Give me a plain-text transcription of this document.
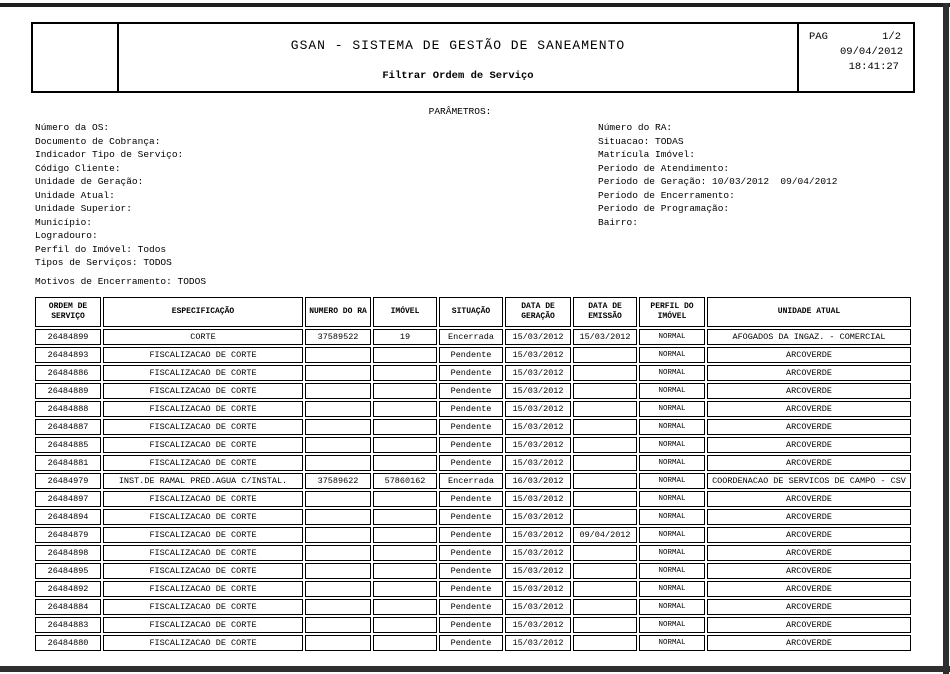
GSAN - SISTEMA DE GESTÃO DE SANEAMENTO
Filtrar Ordem de Serviço
PAG	1/2
09/04/2012
18:41:27
PARÂMETROS:
Número da OS:
Documento de Cobrança:
Indicador Tipo de Serviço:
Código Cliente:
Unidade de Geração:
Unidade Atual:
Unidade Superior:
Município:
Logradouro:
Perfil do Imóvel: Todos
Tipos de Serviços: TODOS
Número do RA:
Situacao: TODAS
Matrícula Imóvel:
Período de Atendimento:
Período de Geração: 10/03/2012  09/04/2012
Período de Encerramento:
Período de Programação:
Bairro:
Motivos de Encerramento: TODOS
ORDEM DE SERVIÇO	ESPECIFICAÇÃO	NUMERO DO RA	IMÓVEL	SITUAÇÃO	DATA DE GERAÇÃO	DATA DE EMISSÃO	PERFIL DO IMÓVEL	UNIDADE ATUAL
26484899	CORTE	37589522	19	Encerrada	15/03/2012	15/03/2012	NORMAL	AFOGADOS DA INGAZ. - COMERCIAL
26484893	FISCALIZACAO DE CORTE			Pendente	15/03/2012		NORMAL	ARCOVERDE
26484886	FISCALIZACAO DE CORTE			Pendente	15/03/2012		NORMAL	ARCOVERDE
26484889	FISCALIZACAO DE CORTE			Pendente	15/03/2012		NORMAL	ARCOVERDE
26484888	FISCALIZACAO DE CORTE			Pendente	15/03/2012		NORMAL	ARCOVERDE
26484887	FISCALIZACAO DE CORTE			Pendente	15/03/2012		NORMAL	ARCOVERDE
26484885	FISCALIZACAO DE CORTE			Pendente	15/03/2012		NORMAL	ARCOVERDE
26484881	FISCALIZACAO DE CORTE			Pendente	15/03/2012		NORMAL	ARCOVERDE
26484979	INST.DE RAMAL PRED.AGUA C/INSTAL.	37589622	57860162	Encerrada	16/03/2012		NORMAL	COORDENACAO DE SERVICOS DE CAMPO - CSV
26484897	FISCALIZACAO DE CORTE			Pendente	15/03/2012		NORMAL	ARCOVERDE
26484894	FISCALIZACAO DE CORTE			Pendente	15/03/2012		NORMAL	ARCOVERDE
26484879	FISCALIZACAO DE CORTE			Pendente	15/03/2012	09/04/2012	NORMAL	ARCOVERDE
26484898	FISCALIZACAO DE CORTE			Pendente	15/03/2012		NORMAL	ARCOVERDE
26484895	FISCALIZACAO DE CORTE			Pendente	15/03/2012		NORMAL	ARCOVERDE
26484892	FISCALIZACAO DE CORTE			Pendente	15/03/2012		NORMAL	ARCOVERDE
26484884	FISCALIZACAO DE CORTE			Pendente	15/03/2012		NORMAL	ARCOVERDE
26484883	FISCALIZACAO DE CORTE			Pendente	15/03/2012		NORMAL	ARCOVERDE
26484880	FISCALIZACAO DE CORTE			Pendente	15/03/2012		NORMAL	ARCOVERDE
